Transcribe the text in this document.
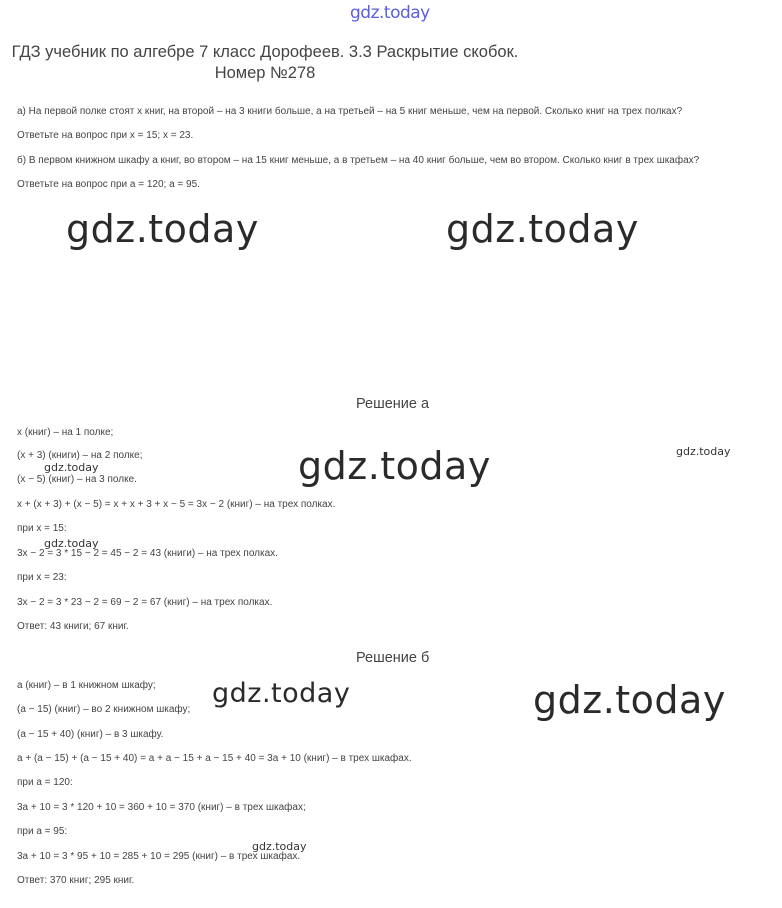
gdz.today
ГДЗ учебник по алгебре 7 класс Дорофеев. 3.3 Раскрытие скобок. Номер №278
а) На первой полке стоят x книг, на второй – на 3 книги больше, а на третьей – на 5 книг меньше, чем на первой. Сколько книг на трех полках?
Ответьте на вопрос при x = 15; x = 23.
б) В первом книжном шкафу a книг, во втором – на 15 книг меньше, а в третьем – на 40 книг больше, чем во втором. Сколько книг в трех шкафах?
Ответьте на вопрос при a = 120; a = 95.
gdz.today	gdz.today
Решение а
x (книг) – на 1 полке;
(x + 3) (книги) – на 2 полке;
(x − 5) (книг) – на 3 полке.
x + (x + 3) + (x − 5) = x + x + 3 + x − 5 = 3x − 2 (книг) – на трех полках.
при x = 15:
3x − 2 = 3 * 15 − 2 = 45 − 2 = 43 (книги) – на трех полках.
при x = 23:
3x − 2 = 3 * 23 − 2 = 69 − 2 = 67 (книг) – на трех полках.
Ответ: 43 книги; 67 книг.
gdz.today	gdz.today
gdz.today
gdz.today
Решение б
a (книг) – в 1 книжном шкафу;
(a − 15) (книг) – во 2 книжном шкафу;
(a − 15 + 40) (книг) – в 3 шкафу.
a + (a − 15) + (a − 15 + 40) = a + a − 15 + a − 15 + 40 = 3a + 10 (книг) – в трех шкафах.
при a = 120:
3a + 10 = 3 * 120 + 10 = 360 + 10 = 370 (книг) – в трех шкафах;
при a = 95:
3a + 10 = 3 * 95 + 10 = 285 + 10 = 295 (книг) – в трех шкафах.
Ответ: 370 книг; 295 книг.
gdz.today	gdz.today
gdz.today
